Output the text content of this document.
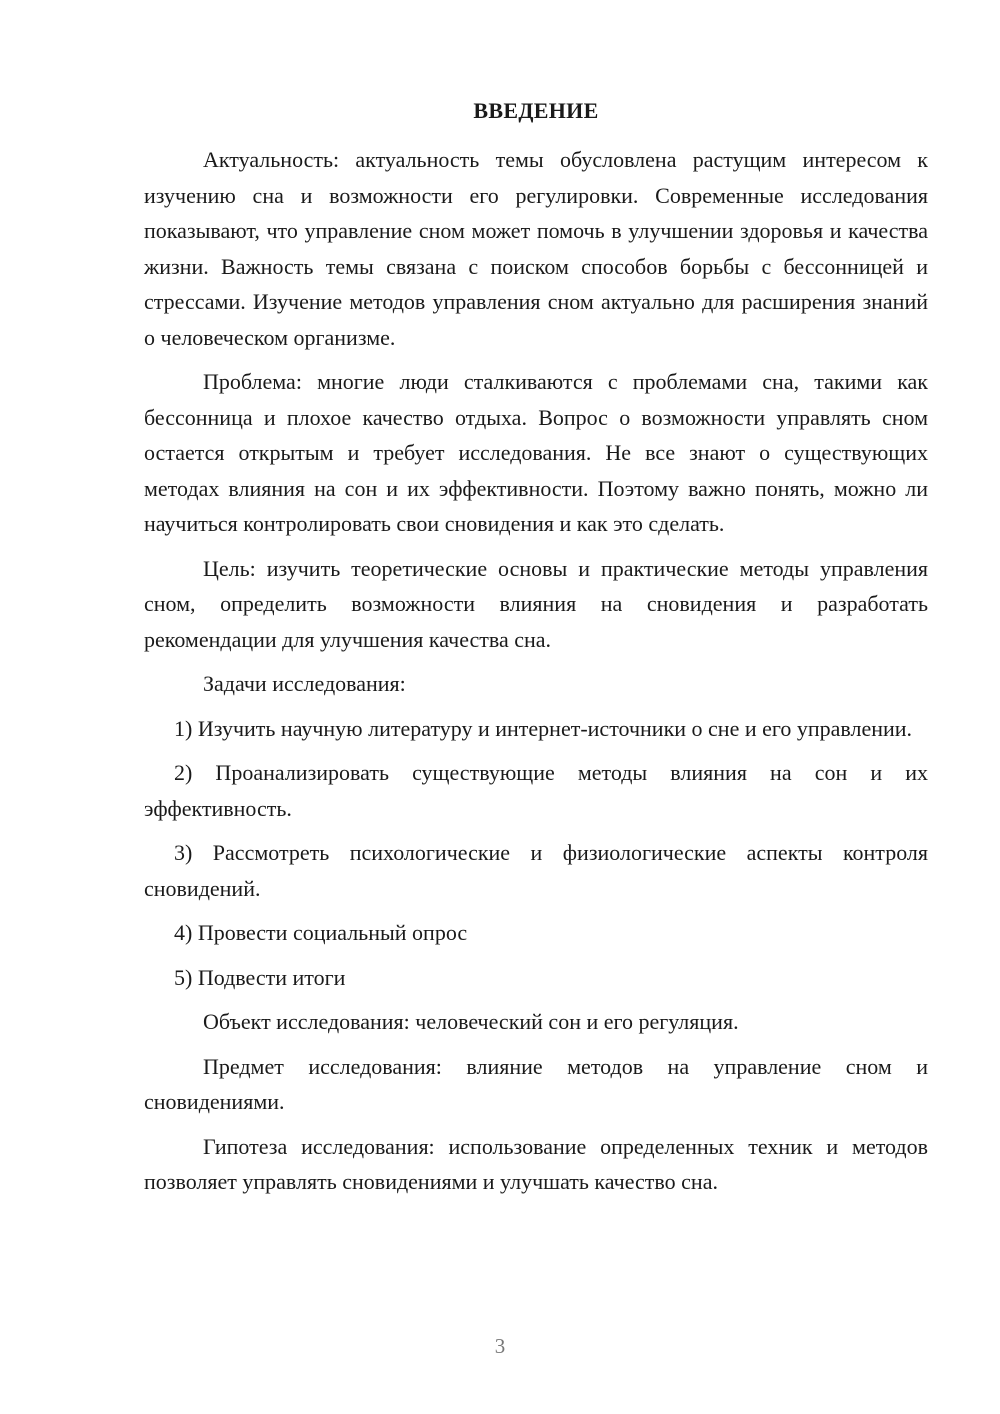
ВВЕДЕНИЕ

Актуальность: актуальность темы обусловлена растущим интересом к изучению сна и возможности его регулировки. Современные исследования показывают, что управление сном может помочь в улучшении здоровья и качества жизни. Важность темы связана с поиском способов борьбы с бессонницей и стрессами. Изучение методов управления сном актуально для расширения знаний о человеческом организме.

Проблема: многие люди сталкиваются с проблемами сна, такими как бессонница и плохое качество отдыха. Вопрос о возможности управлять сном остается открытым и требует исследования. Не все знают о существующих методах влияния на сон и их эффективности. Поэтому важно понять, можно ли научиться контролировать свои сновидения и как это сделать.

Цель: изучить теоретические основы и практические методы управления сном, определить возможности влияния на сновидения и разработать рекомендации для улучшения качества сна.

Задачи исследования:

1) Изучить научную литературу и интернет-источники о сне и его управлении.

2) Проанализировать существующие методы влияния на сон и их эффективность.

3) Рассмотреть психологические и физиологические аспекты контроля сновидений.

4) Провести социальный опрос

5) Подвести итоги

Объект исследования: человеческий сон и его регуляция.

Предмет исследования: влияние методов на управление сном и сновидениями.

Гипотеза исследования: использование определенных техник и методов позволяет управлять сновидениями и улучшать качество сна.

3
